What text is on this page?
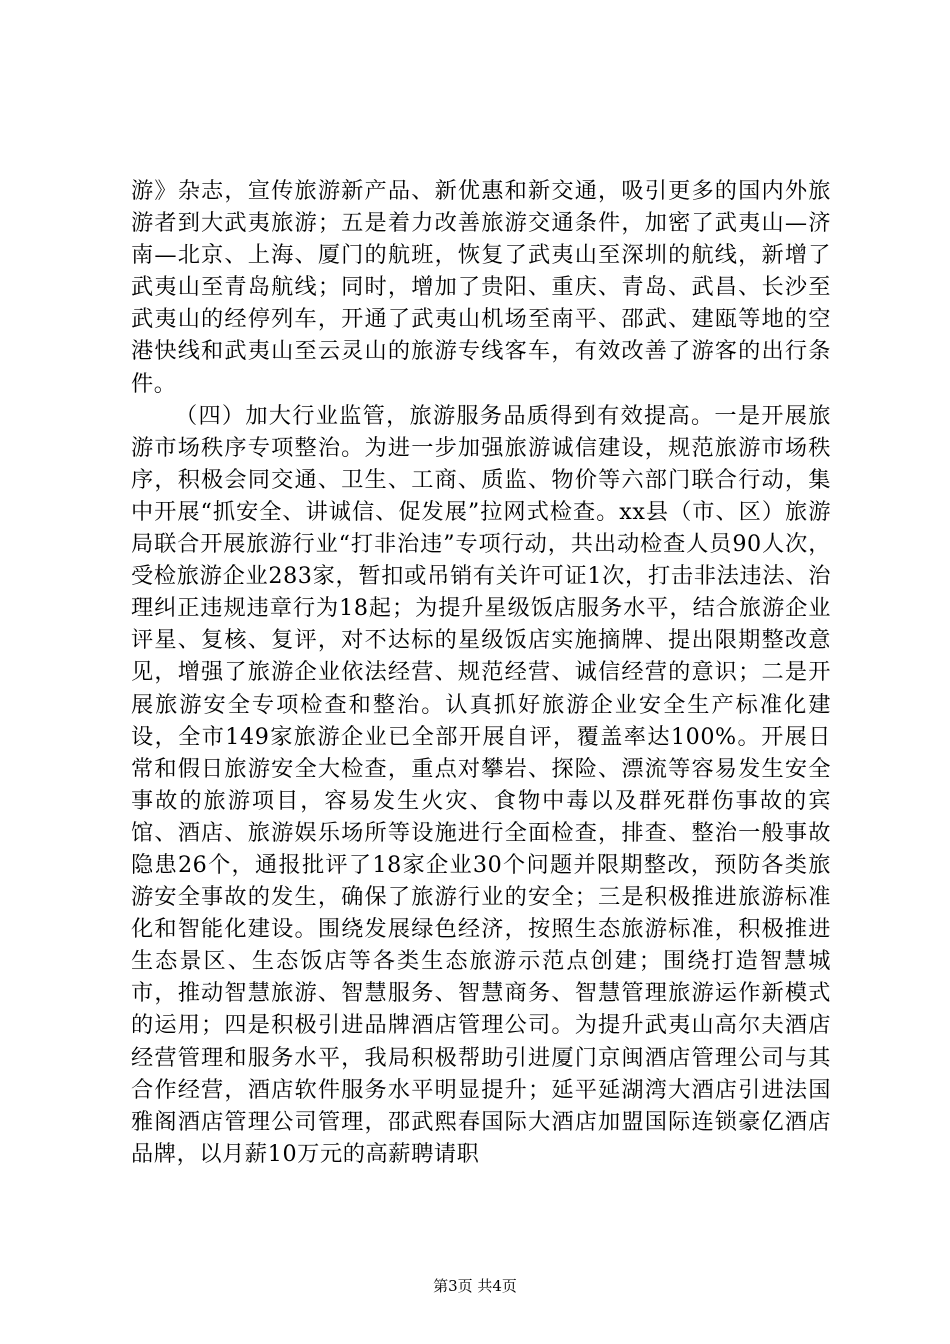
游》杂志，宣传旅游新产品、新优惠和新交通，吸引更多的国内外旅游者到大武夷旅游；五是着力改善旅游交通条件，加密了武夷山—济南—北京、上海、厦门的航班，恢复了武夷山至深圳的航线，新增了武夷山至青岛航线；同时，增加了贵阳、重庆、青岛、武昌、长沙至武夷山的经停列车，开通了武夷山机场至南平、邵武、建瓯等地的空港快线和武夷山至云灵山的旅游专线客车，有效改善了游客的出行条件。

（四）加大行业监管，旅游服务品质得到有效提高。一是开展旅游市场秩序专项整治。为进一步加强旅游诚信建设，规范旅游市场秩序，积极会同交通、卫生、工商、质监、物价等六部门联合行动，集中开展“抓安全、讲诚信、促发展”拉网式检查。xx县（市、区）旅游局联合开展旅游行业“打非治违”专项行动，共出动检查人员90人次，受检旅游企业283家，暂扣或吊销有关许可证1次，打击非法违法、治理纠正违规违章行为18起；为提升星级饭店服务水平，结合旅游企业评星、复核、复评，对不达标的星级饭店实施摘牌、提出限期整改意见，增强了旅游企业依法经营、规范经营、诚信经营的意识；二是开展旅游安全专项检查和整治。认真抓好旅游企业安全生产标准化建设，全市149家旅游企业已全部开展自评，覆盖率达100%。开展日常和假日旅游安全大检查，重点对攀岩、探险、漂流等容易发生安全事故的旅游项目，容易发生火灾、食物中毒以及群死群伤事故的宾馆、酒店、旅游娱乐场所等设施进行全面检查，排查、整治一般事故隐患26个，通报批评了18家企业30个问题并限期整改，预防各类旅游安全事故的发生，确保了旅游行业的安全；三是积极推进旅游标准化和智能化建设。围绕发展绿色经济，按照生态旅游标准，积极推进生态景区、生态饭店等各类生态旅游示范点创建；围绕打造智慧城市，推动智慧旅游、智慧服务、智慧商务、智慧管理旅游运作新模式的运用；四是积极引进品牌酒店管理公司。为提升武夷山高尔夫酒店经营管理和服务水平，我局积极帮助引进厦门京闽酒店管理公司与其合作经营，酒店软件服务水平明显提升；延平延湖湾大酒店引进法国雅阁酒店管理公司管理，邵武熙春国际大酒店加盟国际连锁豪亿酒店品牌，以月薪10万元的高薪聘请职

第3页 共4页
